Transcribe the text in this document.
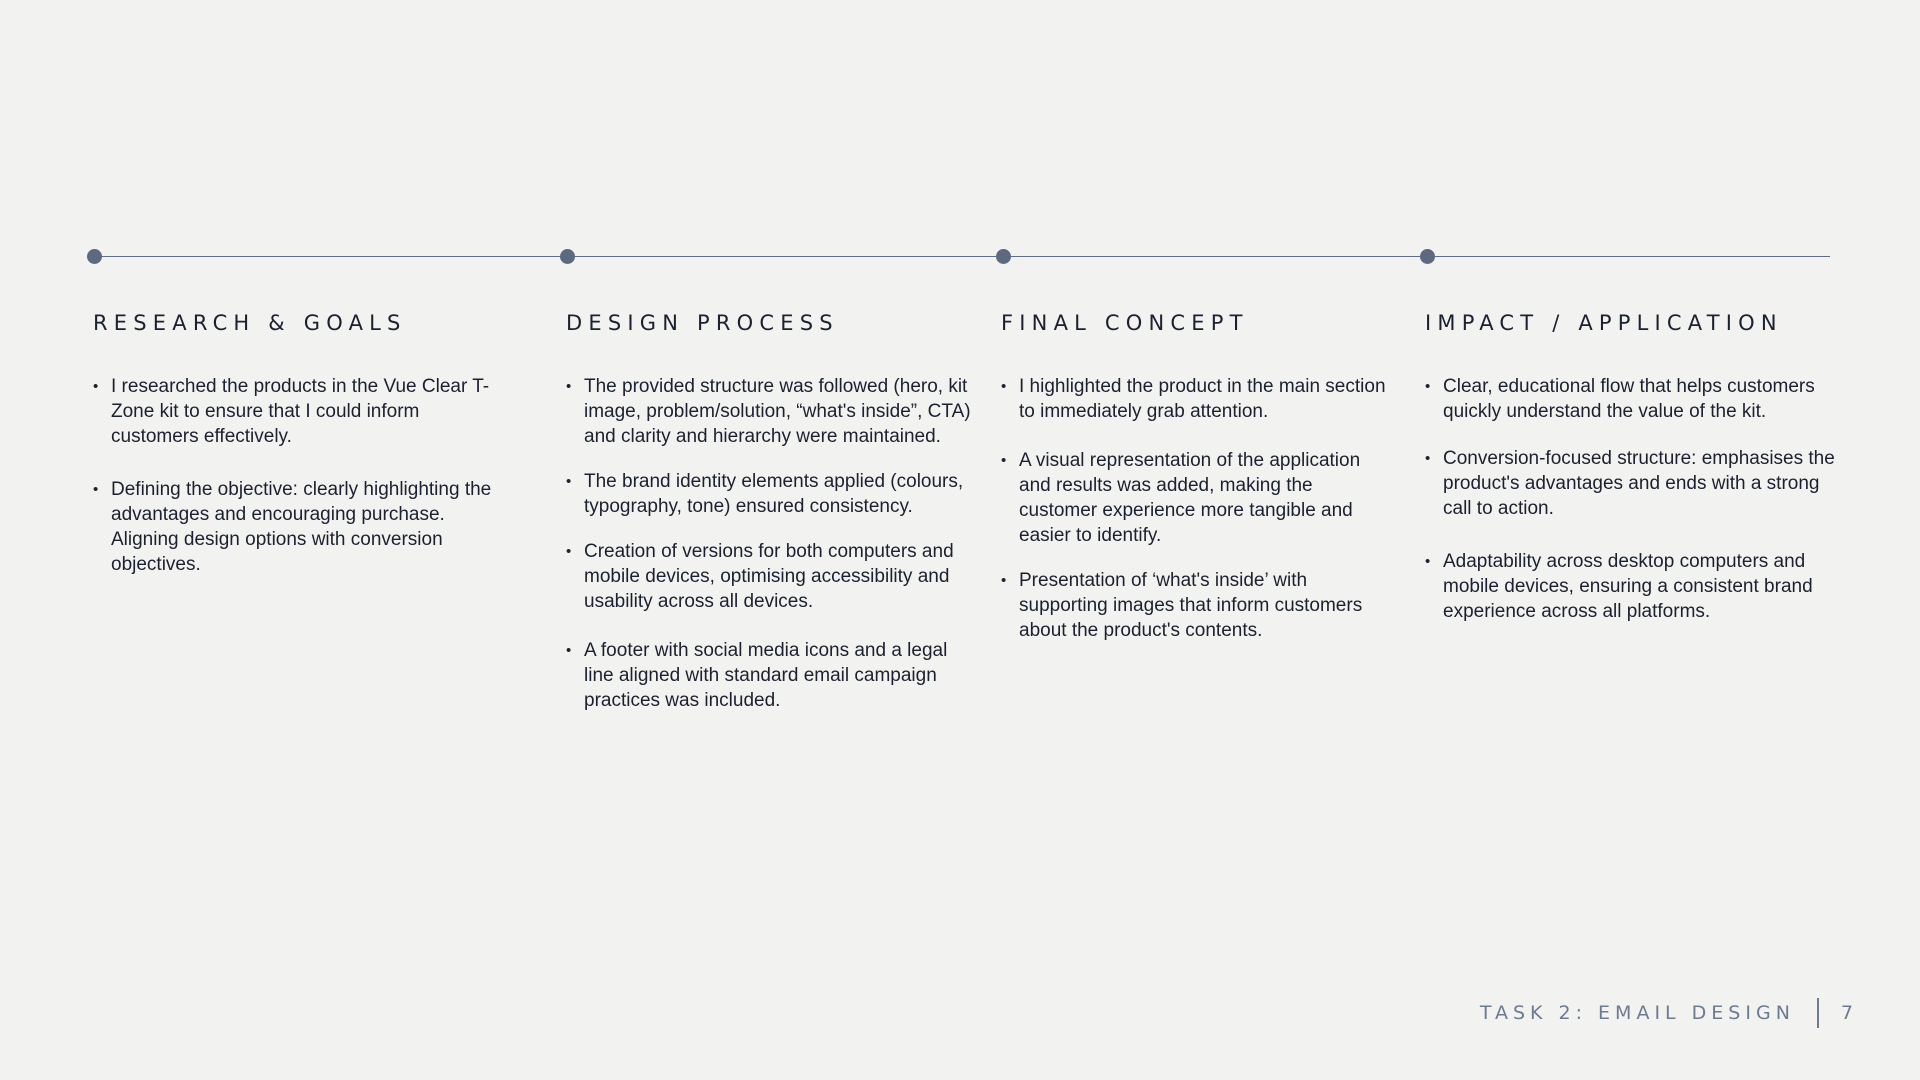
RESEARCH & GOALS
• I researched the products in the Vue Clear T-Zone kit to ensure that I could inform customers effectively.
• Defining the objective: clearly highlighting the advantages and encouraging purchase. Aligning design options with conversion objectives.
DESIGN PROCESS
• The provided structure was followed (hero, kit image, problem/solution, “what's inside”, CTA) and clarity and hierarchy were maintained.
• The brand identity elements applied (colours, typography, tone) ensured consistency.
• Creation of versions for both computers and mobile devices, optimising accessibility and usability across all devices.
• A footer with social media icons and a legal line aligned with standard email campaign practices was included.
FINAL CONCEPT
• I highlighted the product in the main section to immediately grab attention.
• A visual representation of the application and results was added, making the customer experience more tangible and easier to identify.
• Presentation of ‘what's inside’ with supporting images that inform customers about the product's contents.
IMPACT / APPLICATION
• Clear, educational flow that helps customers quickly understand the value of the kit.
• Conversion-focused structure: emphasises the product's advantages and ends with a strong call to action.
• Adaptability across desktop computers and mobile devices, ensuring a consistent brand experience across all platforms.
TASK 2: EMAIL DESIGN 7
